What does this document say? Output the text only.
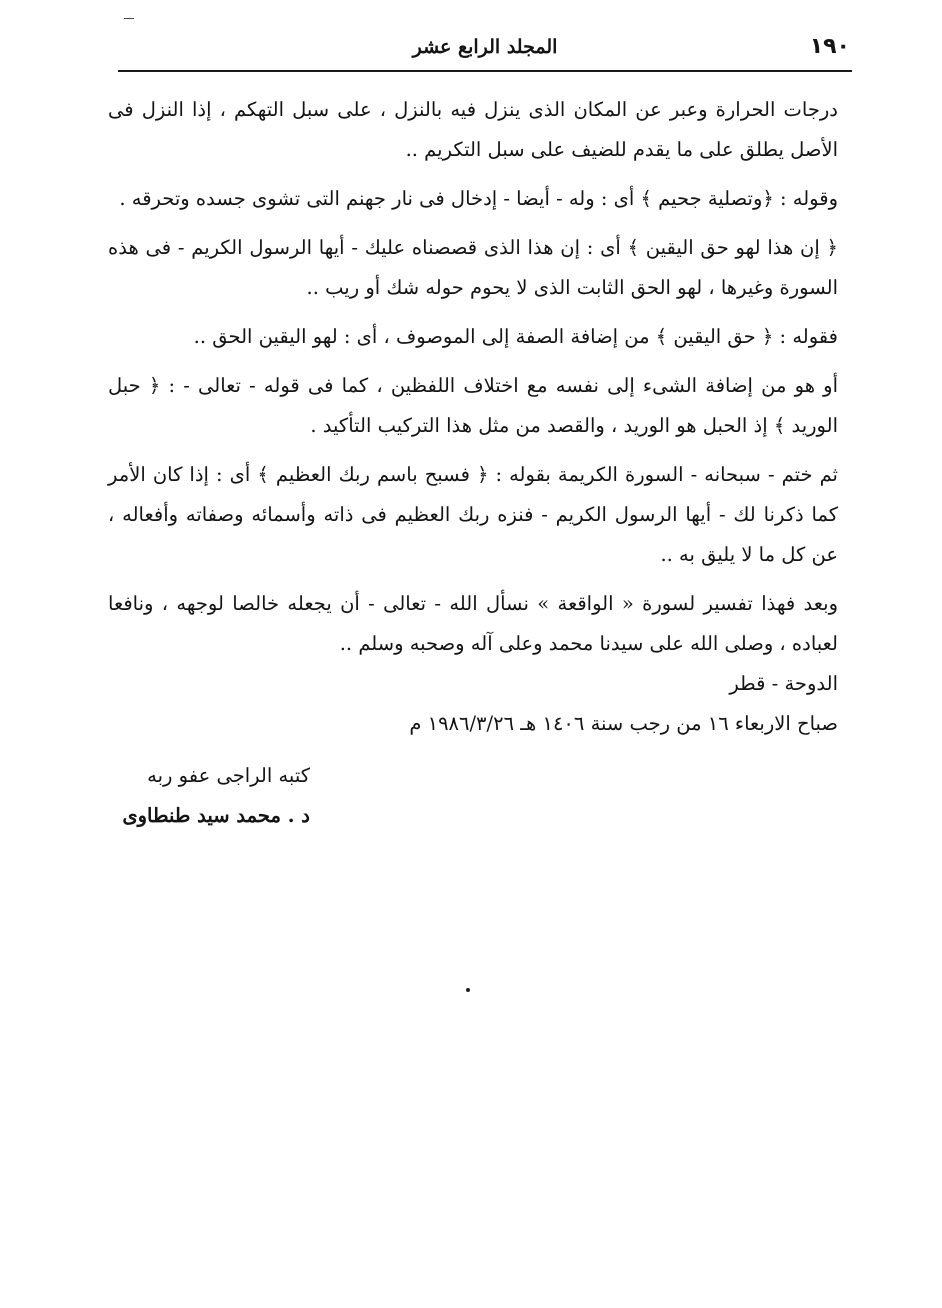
١٩٠
المجلد الرابع عشر

درجات الحرارة وعبر عن المكان الذى ينزل فيه بالنزل ، على سبل التهكم ، إذا النزل فى الأصل يطلق على ما يقدم للضيف على سبل التكريم ..

وقوله : ﴿وتصلية جحيم ﴾ أى : وله - أيضا - إدخال فى نار جهنم التى تشوى جسده وتحرقه .

﴿ إن هذا لهو حق اليقين ﴾ أى : إن هذا الذى قصصناه عليك - أيها الرسول الكريم - فى هذه السورة وغيرها ، لهو الحق الثابت الذى لا يحوم حوله شك أو ريب ..

فقوله : ﴿ حق اليقين ﴾ من إضافة الصفة إلى الموصوف ، أى : لهو اليقين الحق ..

أو هو من إضافة الشىء إلى نفسه مع اختلاف اللفظين ، كما فى قوله - تعالى - : ﴿ حبل الوريد ﴾ إذ الحبل هو الوريد ، والقصد من مثل هذا التركيب التأكيد .

ثم ختم - سبحانه - السورة الكريمة بقوله : ﴿ فسبح باسم ربك العظيم ﴾ أى : إذا كان الأمر كما ذكرنا لك - أيها الرسول الكريم - فنزه ربك العظيم فى ذاته وأسمائه وصفاته وأفعاله ، عن كل ما لا يليق به ..

وبعد فهذا تفسير لسورة « الواقعة » نسأل الله - تعالى - أن يجعله خالصا لوجهه ، ونافعا لعباده ، وصلى الله على سيدنا محمد وعلى آله وصحبه وسلم ..

الدوحة - قطر

صباح الاربعاء ١٦ من رجب سنة ١٤٠٦ هـ ١٩٨٦/٣/٢٦ م

كتبه الراجى عفو ربه

د . محمد سيد طنطاوى
